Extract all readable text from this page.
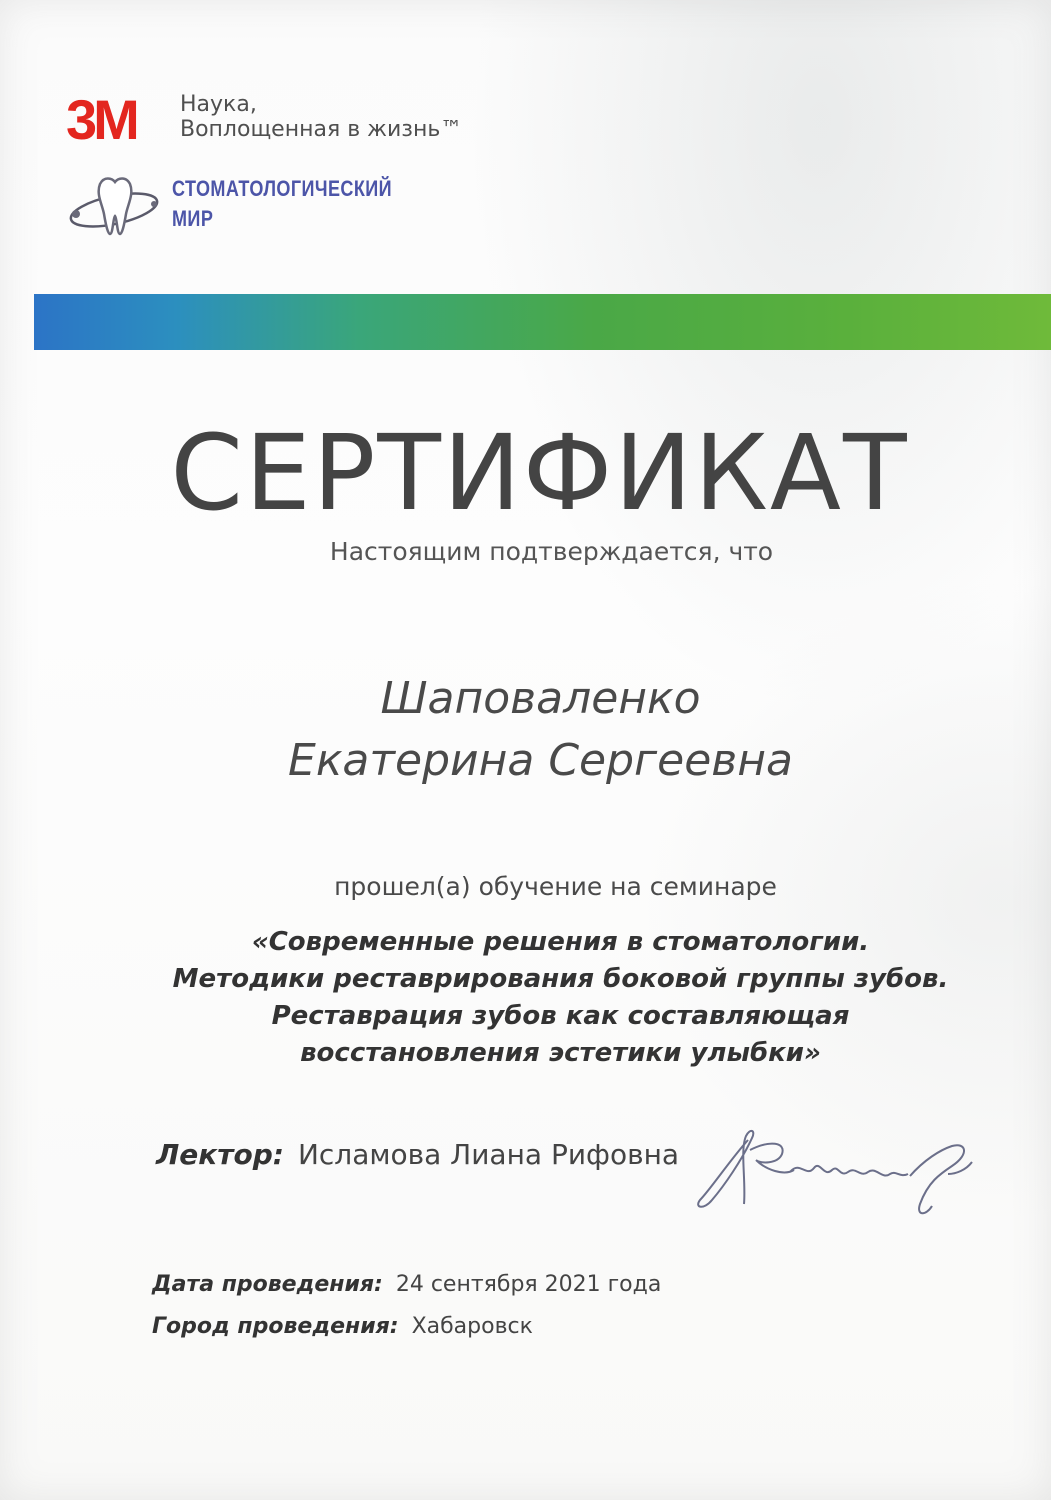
3M Наука,
Воплощенная в жизнь™
СТОМАТОЛОГИЧЕСКИЙ
МИР
СЕРТИФИКАТ
Настоящим подтверждается, что
Шаповаленко
Екатерина Сергеевна
прошел(а) обучение на семинаре
«Современные решения в стоматологии.
Методики реставрирования боковой группы зубов.
Реставрация зубов как составляющая
восстановления эстетики улыбки»
Лектор: Исламова Лиана Рифовна
Дата проведения: 24 сентября 2021 года
Город проведения: Хабаровск
